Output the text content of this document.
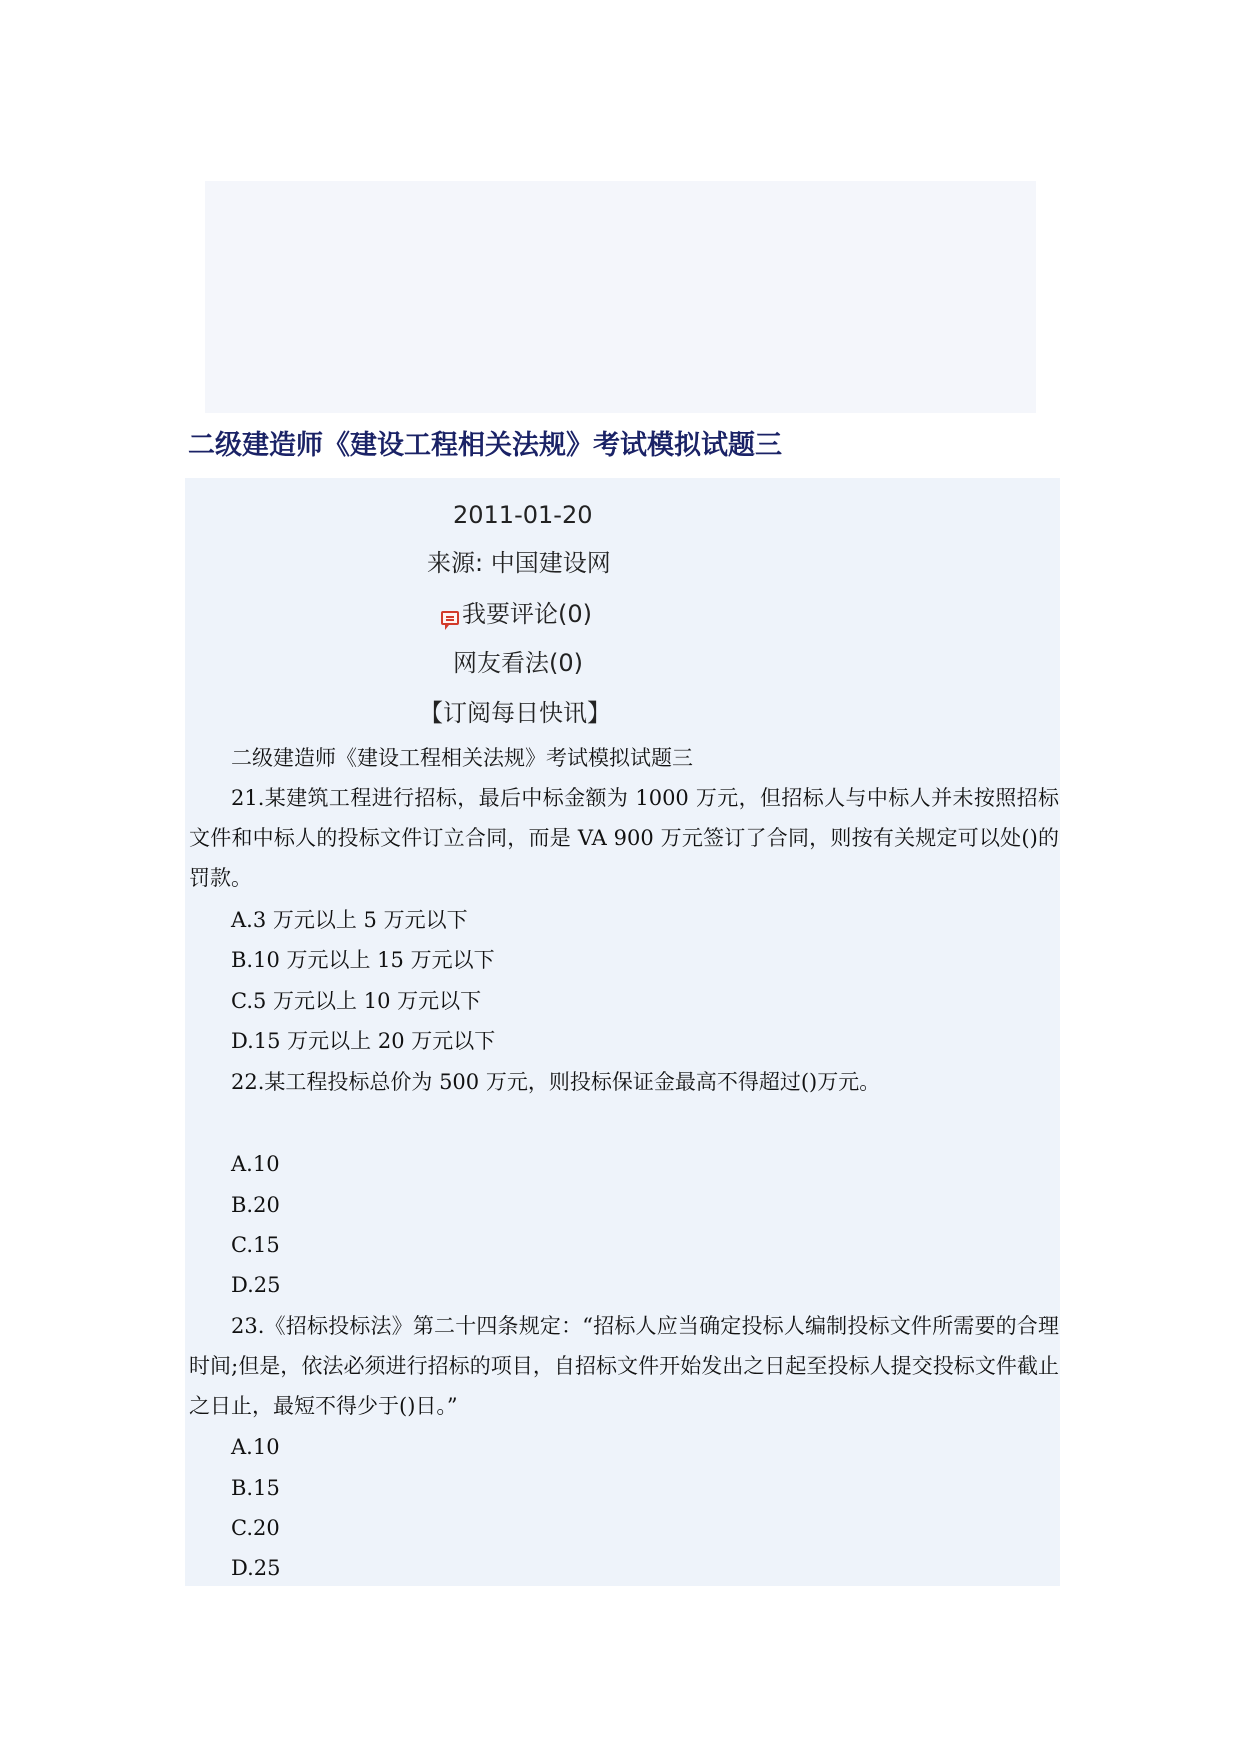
二级建造师《建设工程相关法规》考试模拟试题三
2011-01-20
来源: 中国建设网
我要评论(0)
网友看法(0)
【订阅每日快讯】

二级建造师《建设工程相关法规》考试模拟试题三

21.某建筑工程进行招标，最后中标金额为 1000 万元，但招标人与中标人并未按照招标文件和中标人的投标文件订立合同，而是 VA 900 万元签订了合同，则按有关规定可以处()的罚款。

A.3 万元以上 5 万元以下

B.10 万元以上 15 万元以下

C.5 万元以上 10 万元以下

D.15 万元以上 20 万元以下

22.某工程投标总价为 500 万元，则投标保证金最高不得超过()万元。

A.10

B.20

C.15

D.25

23.《招标投标法》第二十四条规定：“招标人应当确定投标人编制投标文件所需要的合理时间;但是，依法必须进行招标的项目，自招标文件开始发出之日起至投标人提交投标文件截止之日止，最短不得少于()日。”

A.10

B.15

C.20

D.25
